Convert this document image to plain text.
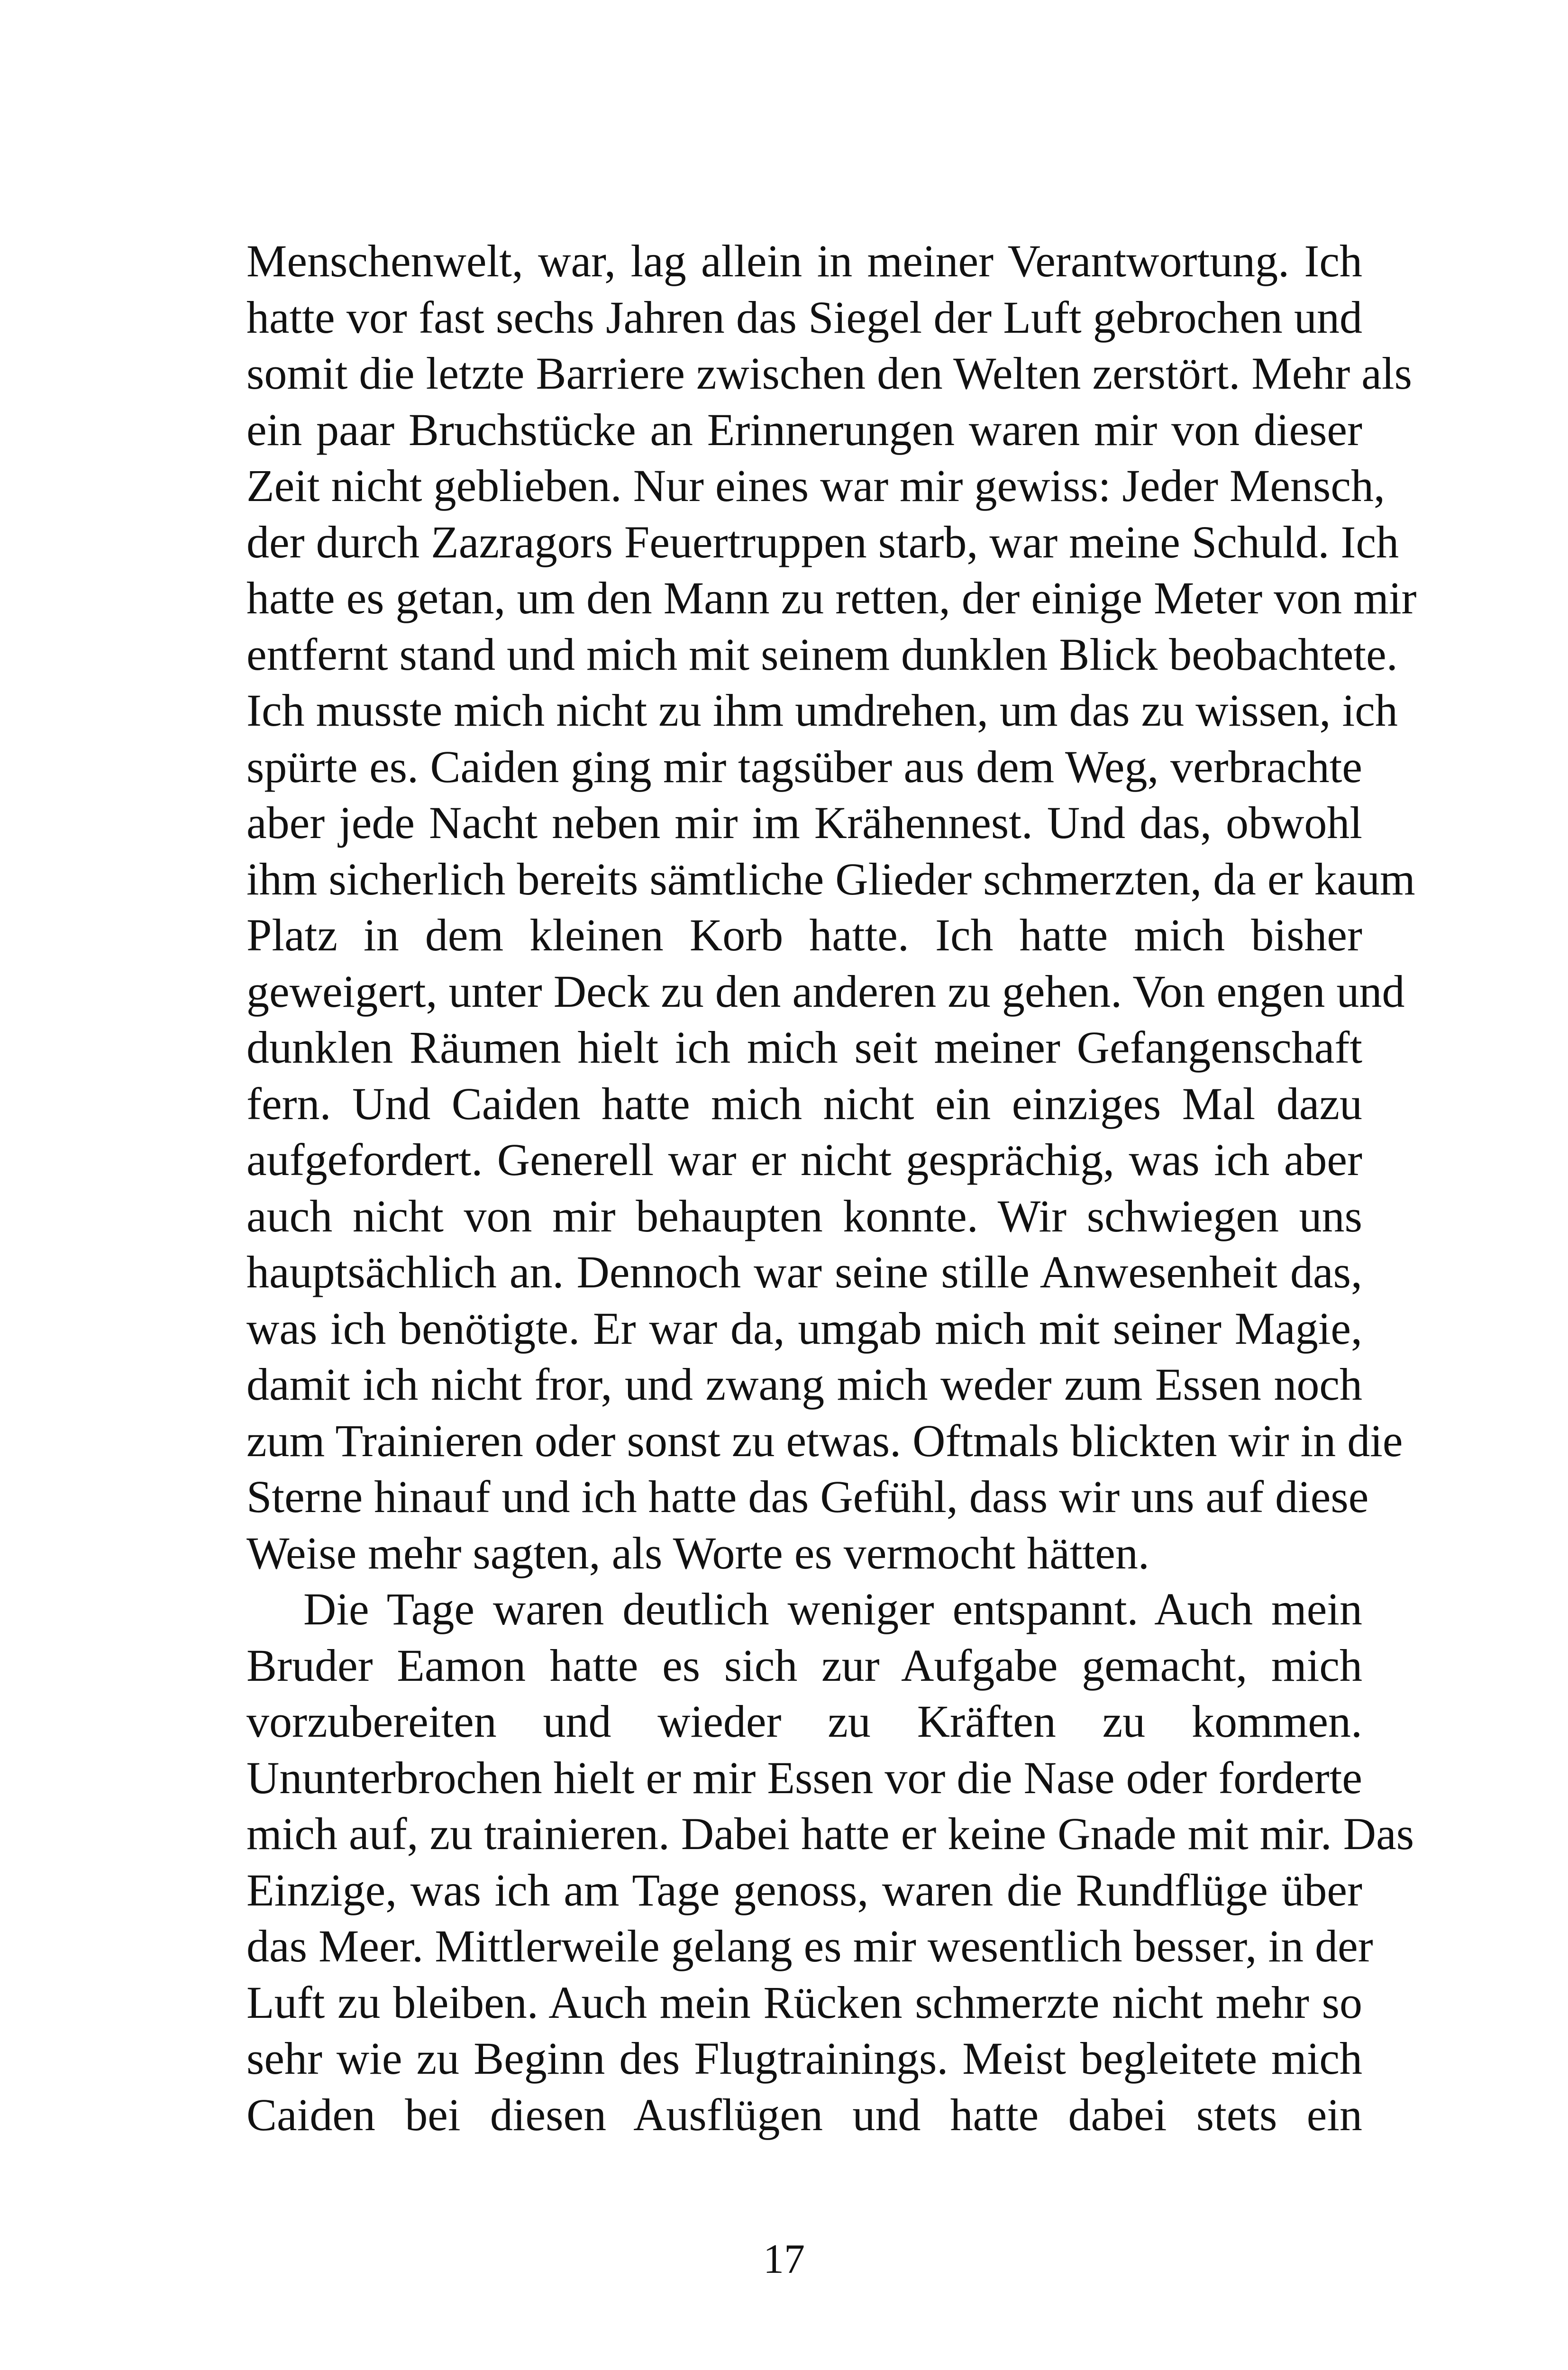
Menschenwelt, war, lag allein in meiner Verantwortung. Ich
hatte vor fast sechs Jahren das Siegel der Luft gebrochen und
somit die letzte Barriere zwischen den Welten zerstört. Mehr als
ein paar Bruchstücke an Erinnerungen waren mir von dieser
Zeit nicht geblieben. Nur eines war mir gewiss: Jeder Mensch,
der durch Zazragors Feuertruppen starb, war meine Schuld. Ich
hatte es getan, um den Mann zu retten, der einige Meter von mir
entfernt stand und mich mit seinem dunklen Blick beobachtete.
Ich musste mich nicht zu ihm umdrehen, um das zu wissen, ich
spürte es. Caiden ging mir tagsüber aus dem Weg, verbrachte
aber jede Nacht neben mir im Krähennest. Und das, obwohl
ihm sicherlich bereits sämtliche Glieder schmerzten, da er kaum
Platz in dem kleinen Korb hatte. Ich hatte mich bisher
geweigert, unter Deck zu den anderen zu gehen. Von engen und
dunklen Räumen hielt ich mich seit meiner Gefangenschaft
fern. Und Caiden hatte mich nicht ein einziges Mal dazu
aufgefordert. Generell war er nicht gesprächig, was ich aber
auch nicht von mir behaupten konnte. Wir schwiegen uns
hauptsächlich an. Dennoch war seine stille Anwesenheit das,
was ich benötigte. Er war da, umgab mich mit seiner Magie,
damit ich nicht fror, und zwang mich weder zum Essen noch
zum Trainieren oder sonst zu etwas. Oftmals blickten wir in die
Sterne hinauf und ich hatte das Gefühl, dass wir uns auf diese
Weise mehr sagten, als Worte es vermocht hätten.
Die Tage waren deutlich weniger entspannt. Auch mein
Bruder Eamon hatte es sich zur Aufgabe gemacht, mich
vorzubereiten und wieder zu Kräften zu kommen.
Ununterbrochen hielt er mir Essen vor die Nase oder forderte
mich auf, zu trainieren. Dabei hatte er keine Gnade mit mir. Das
Einzige, was ich am Tage genoss, waren die Rundflüge über
das Meer. Mittlerweile gelang es mir wesentlich besser, in der
Luft zu bleiben. Auch mein Rücken schmerzte nicht mehr so
sehr wie zu Beginn des Flugtrainings. Meist begleitete mich
Caiden bei diesen Ausflügen und hatte dabei stets ein
17
